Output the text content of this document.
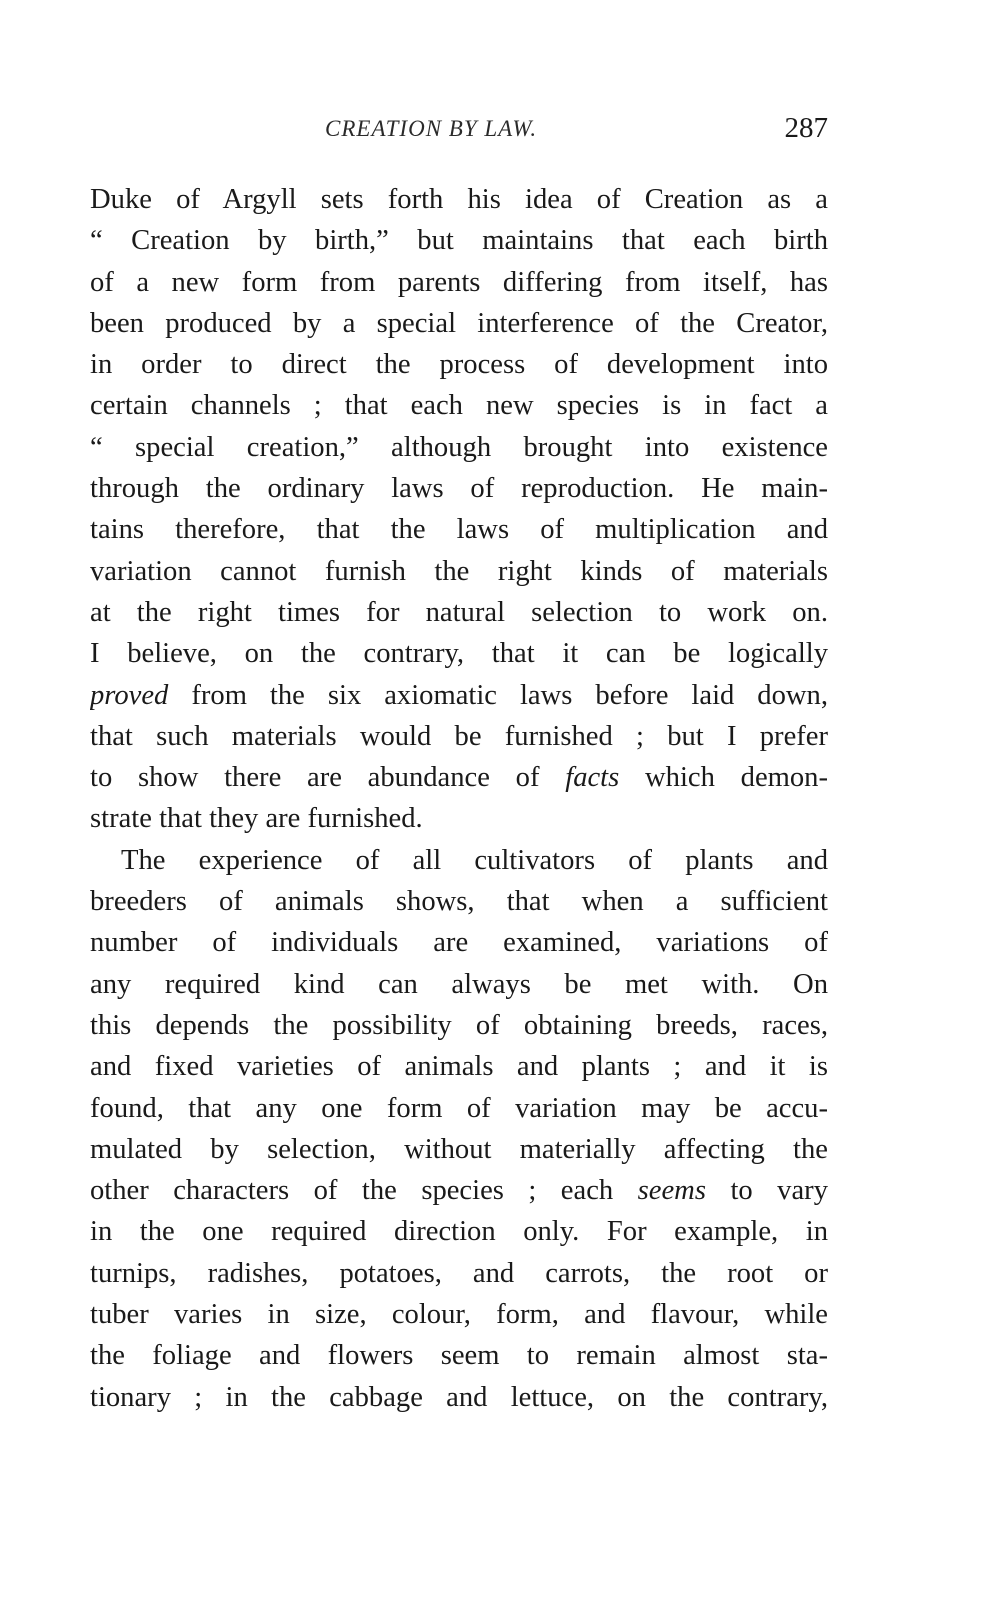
CREATION BY LAW.	287
Duke of Argyll sets forth his idea of Creation as a
“ Creation by birth,” but maintains that each birth
of a new form from parents differing from itself, has
been produced by a special interference of the Creator,
in order to direct the process of development into
certain channels ; that each new species is in fact a
“ special creation,” although brought into existence
through the ordinary laws of reproduction. He main-
tains therefore, that the laws of multiplication and
variation cannot furnish the right kinds of materials
at the right times for natural selection to work on.
I believe, on the contrary, that it can be logically
proved from the six axiomatic laws before laid down,
that such materials would be furnished ; but I prefer
to show there are abundance of facts which demon-
strate that they are furnished.
The experience of all cultivators of plants and
breeders of animals shows, that when a sufficient
number of individuals are examined, variations of
any required kind can always be met with. On
this depends the possibility of obtaining breeds, races,
and fixed varieties of animals and plants ; and it is
found, that any one form of variation may be accu-
mulated by selection, without materially affecting the
other characters of the species ; each seems to vary
in the one required direction only. For example, in
turnips, radishes, potatoes, and carrots, the root or
tuber varies in size, colour, form, and flavour, while
the foliage and flowers seem to remain almost sta-
tionary ; in the cabbage and lettuce, on the contrary,
